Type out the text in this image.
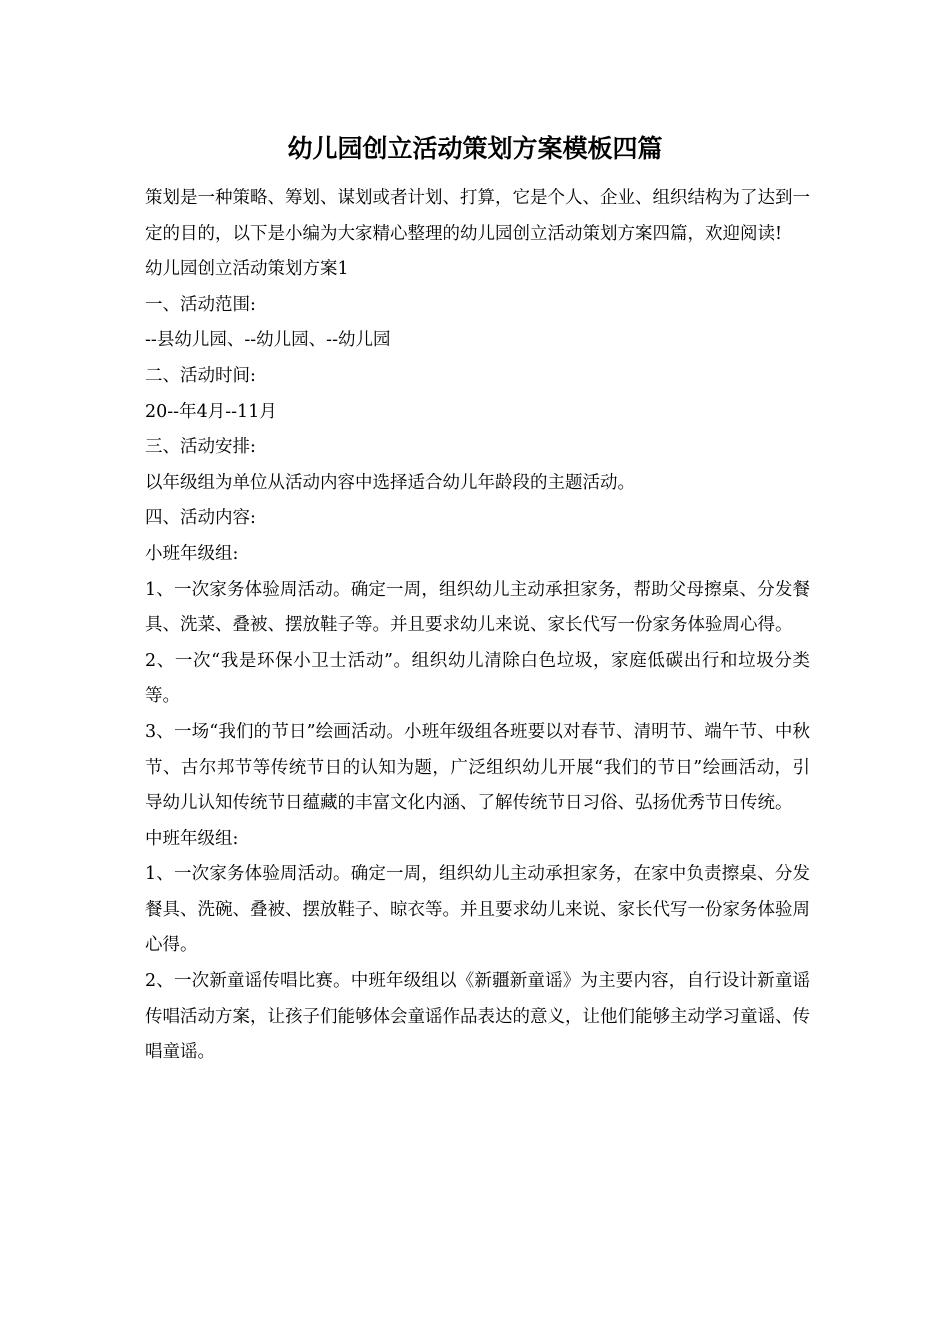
幼儿园创立活动策划方案模板四篇

策划是一种策略、筹划、谋划或者计划、打算，它是个人、企业、组织结构为了达到一定的目的，以下是小编为大家精心整理的幼儿园创立活动策划方案四篇，欢迎阅读!

幼儿园创立活动策划方案1

一、活动范围:

--县幼儿园、--幼儿园、--幼儿园

二、活动时间:

20--年4月--11月

三、活动安排:

以年级组为单位从活动内容中选择适合幼儿年龄段的主题活动。

四、活动内容:

小班年级组:

1、一次家务体验周活动。确定一周，组织幼儿主动承担家务，帮助父母擦桌、分发餐具、洗菜、叠被、摆放鞋子等。并且要求幼儿来说、家长代写一份家务体验周心得。

2、一次“我是环保小卫士活动”。组织幼儿清除白色垃圾，家庭低碳出行和垃圾分类等。

3、一场“我们的节日”绘画活动。小班年级组各班要以对春节、清明节、端午节、中秋节、古尔邦节等传统节日的认知为题，广泛组织幼儿开展“我们的节日”绘画活动，引导幼儿认知传统节日蕴藏的丰富文化内涵、了解传统节日习俗、弘扬优秀节日传统。

中班年级组:

1、一次家务体验周活动。确定一周，组织幼儿主动承担家务，在家中负责擦桌、分发餐具、洗碗、叠被、摆放鞋子、晾衣等。并且要求幼儿来说、家长代写一份家务体验周心得。

2、一次新童谣传唱比赛。中班年级组以《新疆新童谣》为主要内容，自行设计新童谣传唱活动方案，让孩子们能够体会童谣作品表达的意义，让他们能够主动学习童谣、传唱童谣。
